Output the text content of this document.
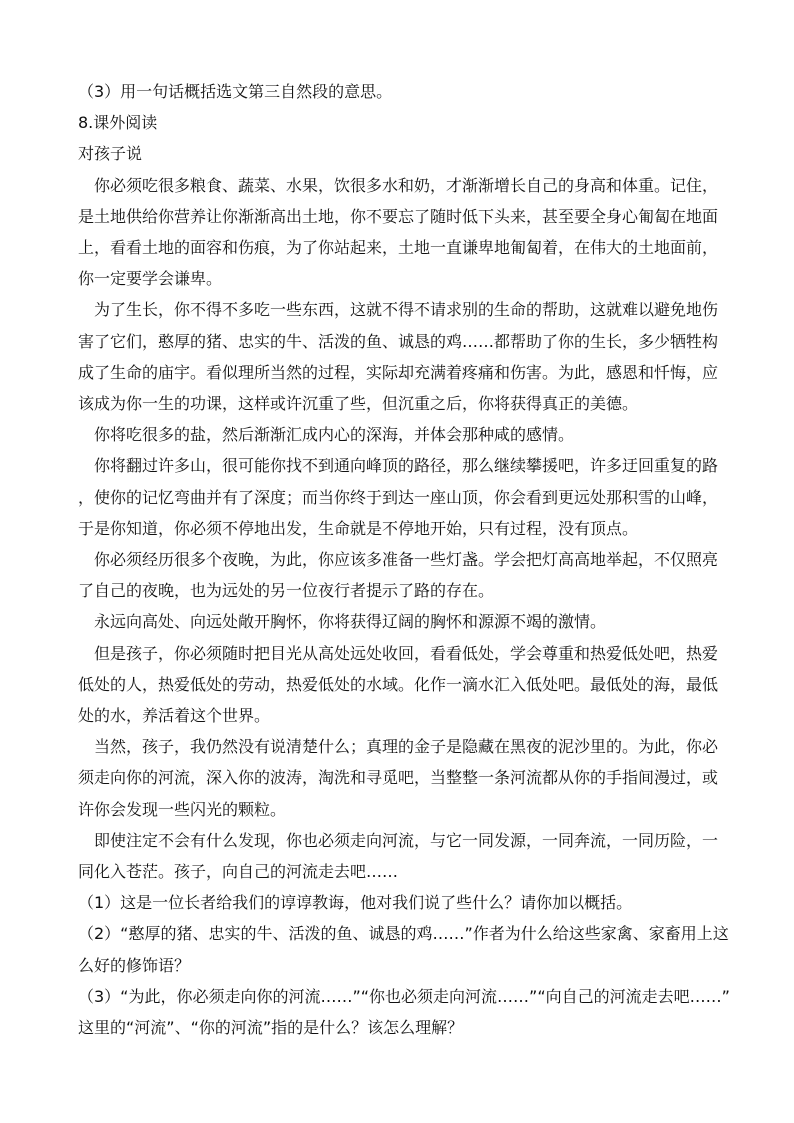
（3）用一句话概括选文第三自然段的意思。

8.课外阅读

对孩子说

你必须吃很多粮食、蔬菜、水果，饮很多水和奶，才渐渐增长自己的身高和体重。记住，

是土地供给你营养让你渐渐高出土地，你不要忘了随时低下头来，甚至要全身心匍匐在地面

上，看看土地的面容和伤痕，为了你站起来，土地一直谦卑地匍匐着，在伟大的土地面前，

你一定要学会谦卑。

为了生长，你不得不多吃一些东西，这就不得不请求别的生命的帮助，这就难以避免地伤

害了它们，憨厚的猪、忠实的牛、活泼的鱼、诚恳的鸡……都帮助了你的生长，多少牺牲构

成了生命的庙宇。看似理所当然的过程，实际却充满着疼痛和伤害。为此，感恩和忏悔，应

该成为你一生的功课，这样或许沉重了些，但沉重之后，你将获得真正的美德。

你将吃很多的盐，然后渐渐汇成内心的深海，并体会那种咸的感情。

你将翻过许多山，很可能你找不到通向峰顶的路径，那么继续攀援吧，许多迂回重复的路

，使你的记忆弯曲并有了深度；而当你终于到达一座山顶，你会看到更远处那积雪的山峰，

于是你知道，你必须不停地出发，生命就是不停地开始，只有过程，没有顶点。

你必须经历很多个夜晚，为此，你应该多准备一些灯盏。学会把灯高高地举起，不仅照亮

了自己的夜晚，也为远处的另一位夜行者提示了路的存在。

永远向高处、向远处敞开胸怀，你将获得辽阔的胸怀和源源不竭的激情。

但是孩子，你必须随时把目光从高处远处收回，看看低处，学会尊重和热爱低处吧，热爱

低处的人，热爱低处的劳动，热爱低处的水域。化作一滴水汇入低处吧。最低处的海，最低

处的水，养活着这个世界。

当然，孩子，我仍然没有说清楚什么；真理的金子是隐藏在黑夜的泥沙里的。为此，你必

须走向你的河流，深入你的波涛，淘洗和寻觅吧，当整整一条河流都从你的手指间漫过，或

许你会发现一些闪光的颗粒。

即使注定不会有什么发现，你也必须走向河流，与它一同发源，一同奔流，一同历险，一

同化入苍茫。孩子，向自己的河流走去吧……

（1）这是一位长者给我们的谆谆教诲，他对我们说了些什么？请你加以概括。

（2）“憨厚的猪、忠实的牛、活泼的鱼、诚恳的鸡……”作者为什么给这些家禽、家畜用上这

么好的修饰语？

（3）“为此，你必须走向你的河流……”“你也必须走向河流……”“向自己的河流走去吧……”

这里的“河流”、“你的河流”指的是什么？该怎么理解？
